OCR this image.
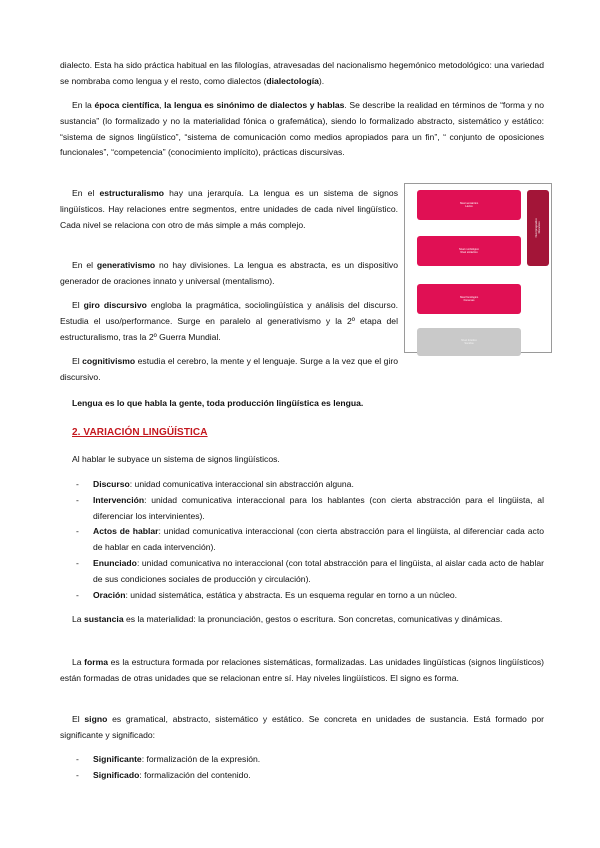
dialecto. Esta ha sido práctica habitual en las filologías, atravesadas del nacionalismo hegemónico metodológico: una variedad se nombraba como lengua y el resto, como dialectos (dialectología).

En la época científica, la lengua es sinónimo de dialectos y hablas. Se describe la realidad en términos de “forma y no sustancia” (lo formalizado y no la materialidad fónica o grafemática), siendo lo formalizado abstracto, sistemático y estático: “sistema de signos lingüístico”, “sistema de comunicación como medios apropiados para un fin”, “ conjunto de oposiciones funcionales”, “competencia” (conocimiento implícito), prácticas discursivas.

En el estructuralismo hay una jerarquía. La lengua es un sistema de signos lingüísticos. Hay relaciones entre segmentos, entre unidades de cada nivel lingüístico. Cada nivel se relaciona con otro de más simple a más complejo.

En el generativismo no hay divisiones. La lengua es abstracta, es un dispositivo generador de oraciones innato y universal (mentalismo).

El giro discursivo engloba la pragmática, sociolingüística y análisis del discurso. Estudia el uso/performance. Surge en paralelo al generativismo y la 2º etapa del estructuralismo, tras la 2º Guerra Mundial.

El cognitivismo estudia el cerebro, la mente y el lenguaje. Surge a la vez que el giro discursivo.

Lengua es lo que habla la gente, toda producción lingüística es lengua.

2. VARIACIÓN LINGÜÍSTICA

Al hablar le subyace un sistema de signos lingüísticos.

- Discurso: unidad comunicativa interaccional sin abstracción alguna.
- Intervención: unidad comunicativa interaccional para los hablantes (con cierta abstracción para el lingüista, al diferenciar los intervinientes).
- Actos de hablar: unidad comunicativa interaccional (con cierta abstracción para el lingüista, al diferenciar cada acto de hablar en cada intervención).
- Enunciado: unidad comunicativa no interaccional (con total abstracción para el lingüista, al aislar cada acto de hablar de sus condiciones sociales de producción y circulación).
- Oración: unidad sistemática, estática y abstracta. Es un esquema regular en torno a un núcleo.

La sustancia es la materialidad: la pronunciación, gestos o escritura. Son concretas, comunicativas y dinámicas.

La forma es la estructura formada por relaciones sistemáticas, formalizadas. Las unidades lingüísticas (signos lingüísticos) están formadas de otras unidades que se relacionan entre sí. Hay niveles lingüísticos. El signo es forma.

El signo es gramatical, abstracto, sistemático y estático. Se concreta en unidades de sustancia. Está formado por significante y significado:

- Significante: formalización de la expresión.
- Significado: formalización del contenido.
Nivel semántico
Léxico
Nivel morfológico
Nivel sintáctico
Nivel fonológico
Fonemas
Nivel fonético
Sonidos
Nivel pragmático
Discursivo
